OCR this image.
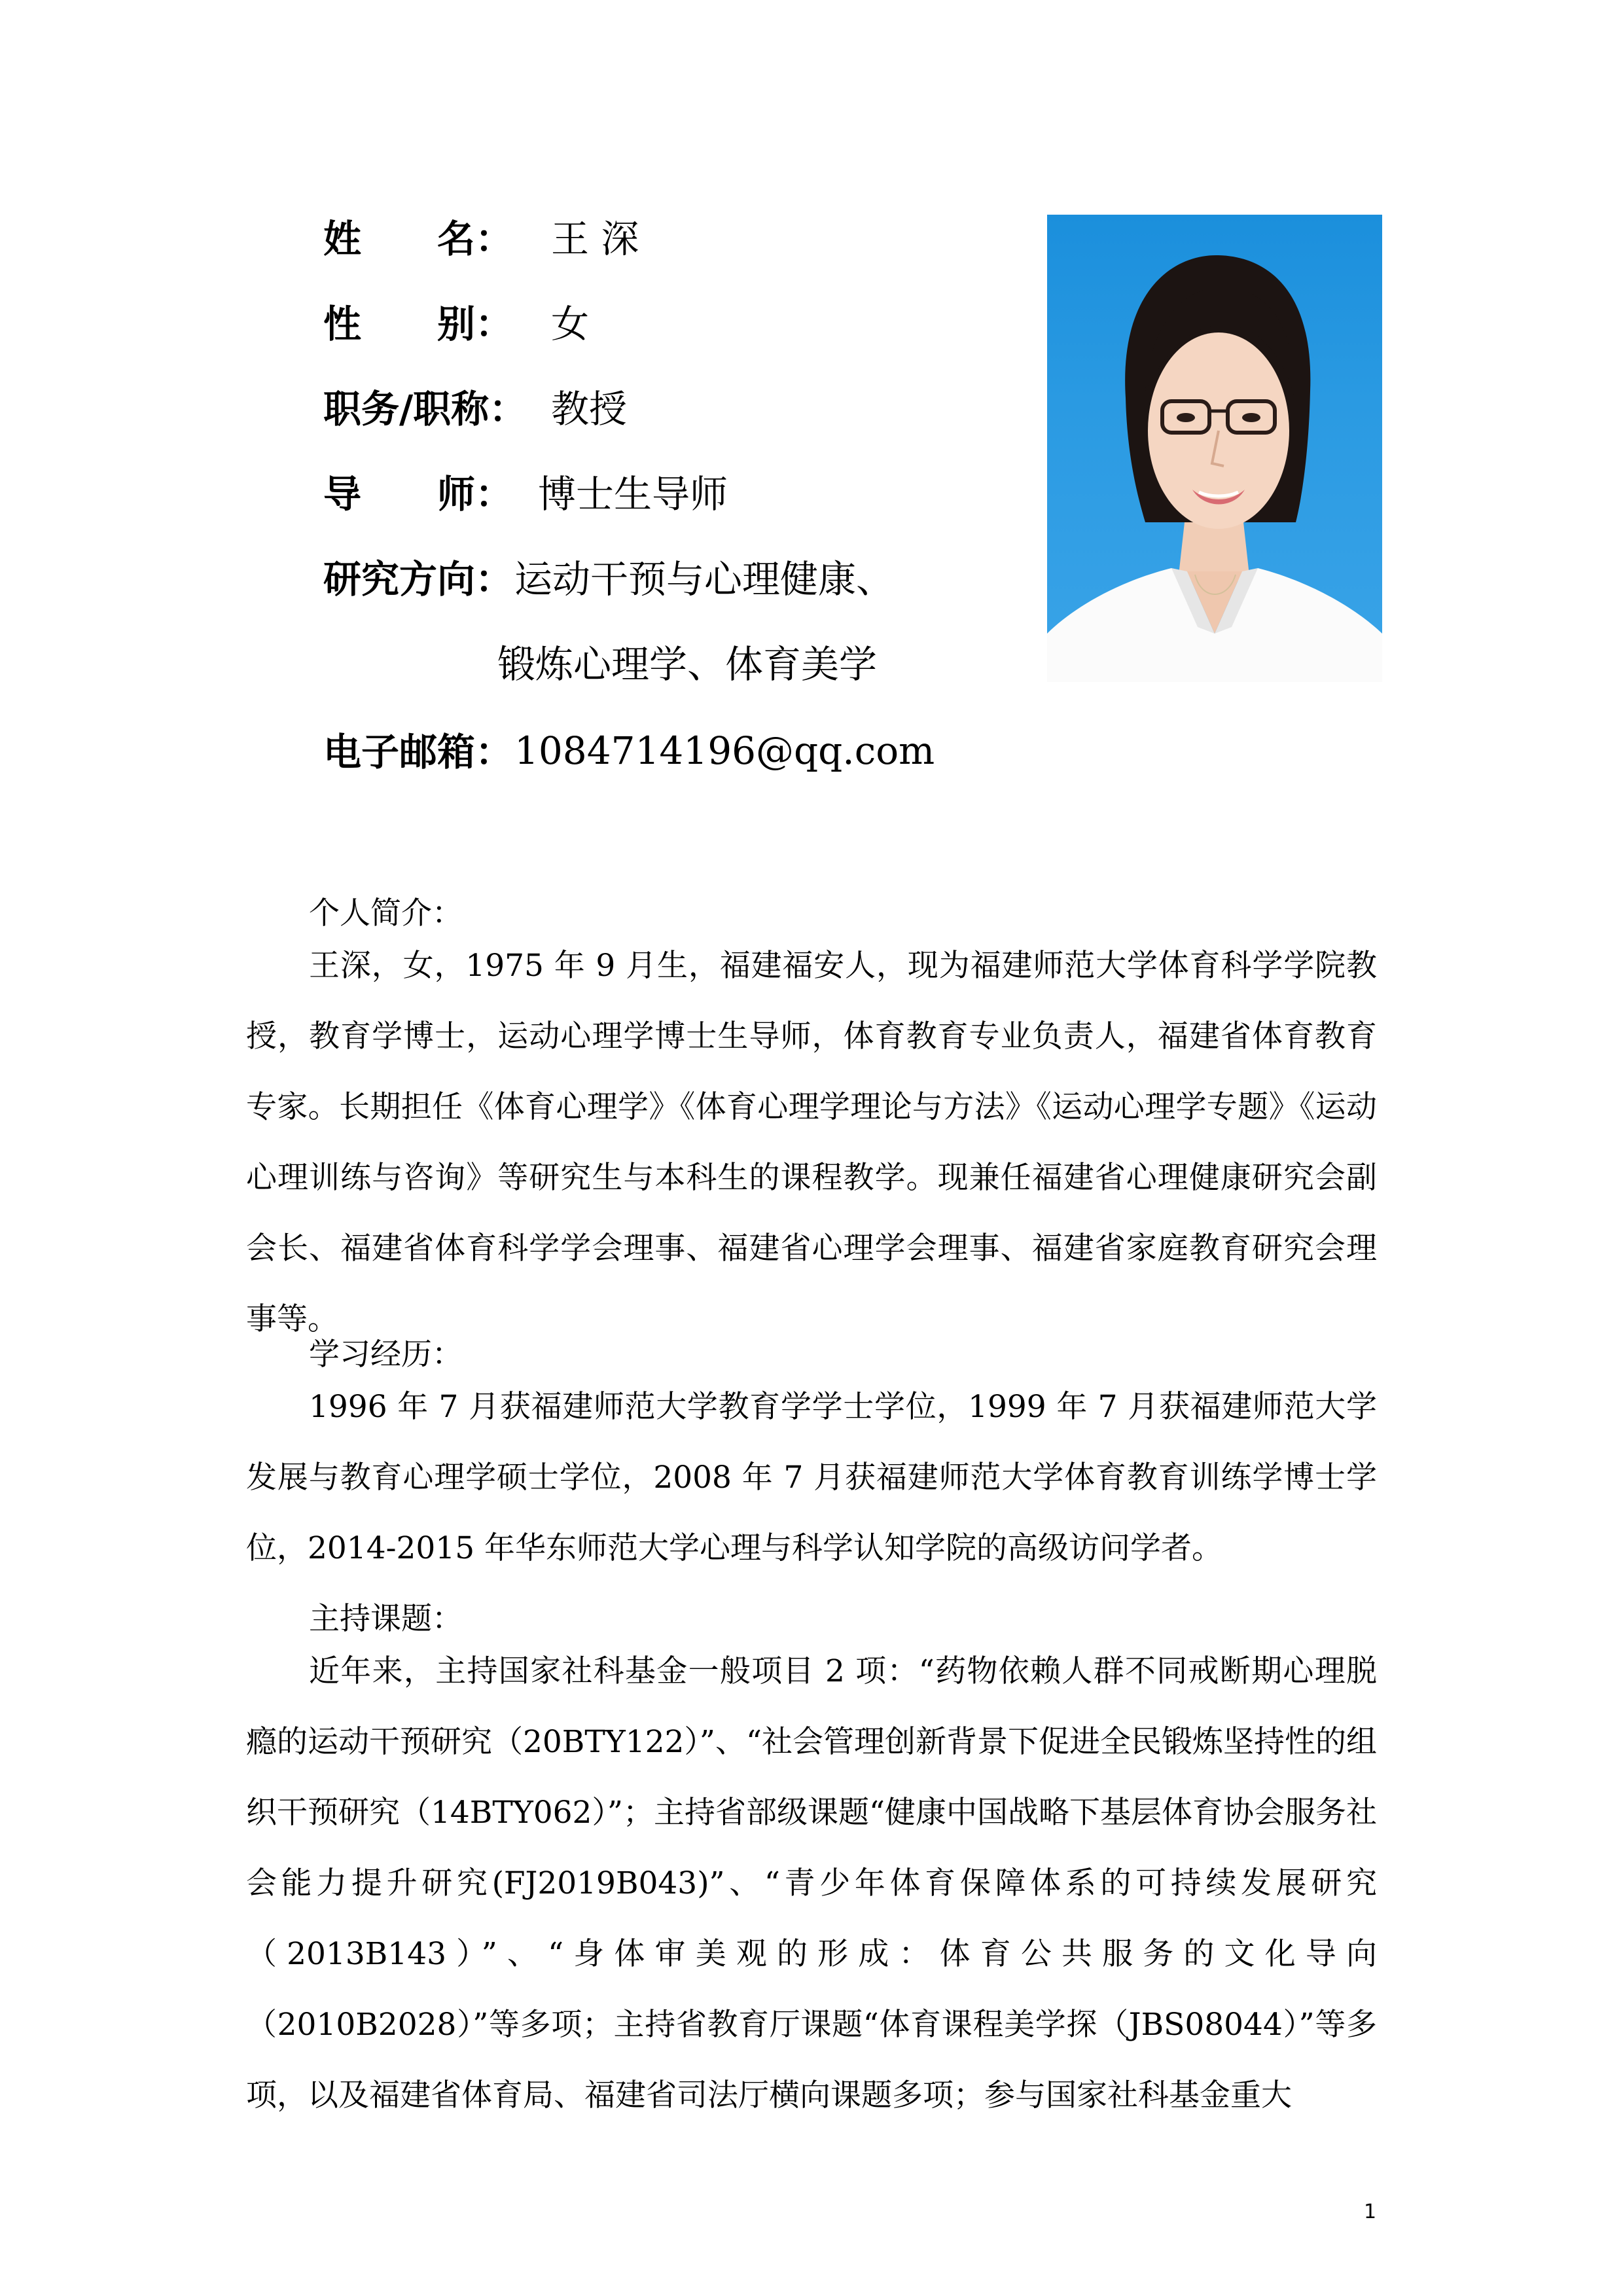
姓　　名： 王 深
性　　别： 女
职务/职称： 教授
导　　师： 博士生导师
研究方向： 运动干预与心理健康、
锻炼心理学、体育美学
电子邮箱： 1084714196@qq.com
个人简介：

王深，女，1975 年 9 月生，福建福安人，现为福建师范大学体育科学学院教授，教育学博士，运动心理学博士生导师，体育教育专业负责人，福建省体育教育专家。长期担任《体育心理学》《体育心理学理论与方法》《运动心理学专题》《运动心理训练与咨询》等研究生与本科生的课程教学。现兼任福建省心理健康研究会副会长、福建省体育科学学会理事、福建省心理学会理事、福建省家庭教育研究会理事等。

学习经历：

1996 年 7 月获福建师范大学教育学学士学位，1999 年 7 月获福建师范大学发展与教育心理学硕士学位，2008 年 7 月获福建师范大学体育教育训练学博士学位，2014-2015 年华东师范大学心理与科学认知学院的高级访问学者。

主持课题：

近年来，主持国家社科基金一般项目 2 项：“药物依赖人群不同戒断期心理脱瘾的运动干预研究（20BTY122）”、“社会管理创新背景下促进全民锻炼坚持性的组织干预研究（14BTY062）”；主持省部级课题“健康中国战略下基层体育协会服务社会能力提升研究(FJ2019B043)”、“青少年体育保障体系的可持续发展研究 （2013B143）”、“身体审美观的形成：体育公共服务的文化导向（2010B2028）”等多项；主持省教育厅课题“体育课程美学探（JBS08044）”等多项，以及福建省体育局、福建省司法厅横向课题多项；参与国家社科基金重大

1
